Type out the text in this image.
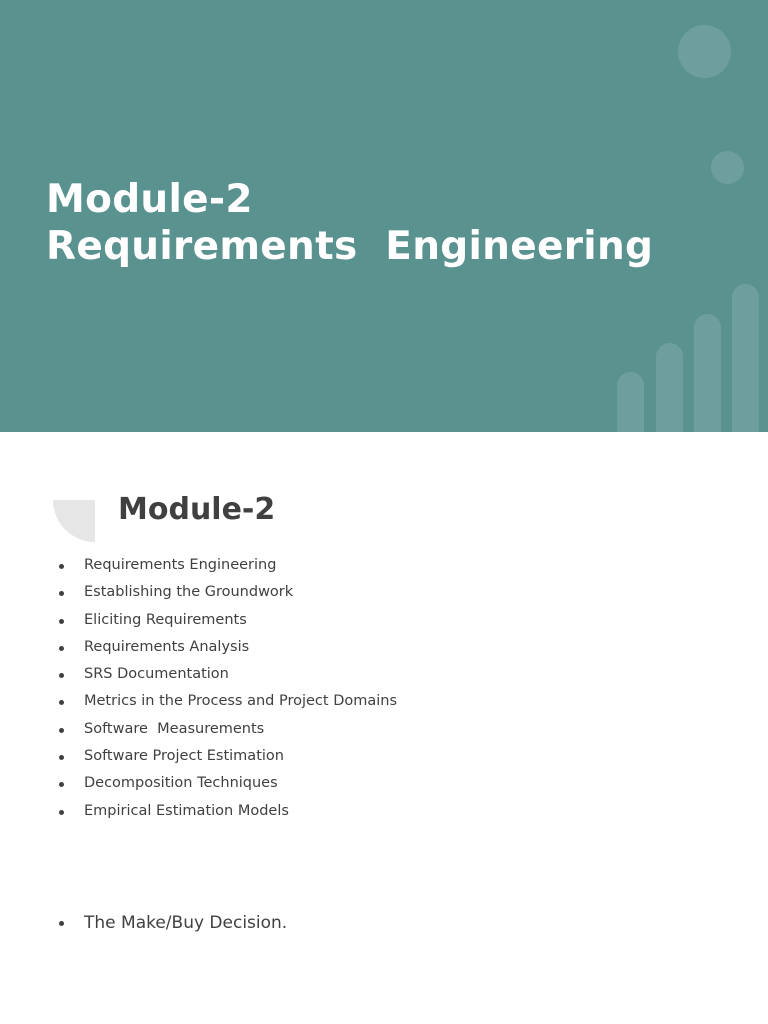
Module-2
Requirements  Engineering
Module-2
Requirements Engineering
Establishing the Groundwork
Eliciting Requirements
Requirements Analysis
SRS Documentation
Metrics in the Process and Project Domains
Software  Measurements
Software Project Estimation
Decomposition Techniques
Empirical Estimation Models
The Make/Buy Decision.
